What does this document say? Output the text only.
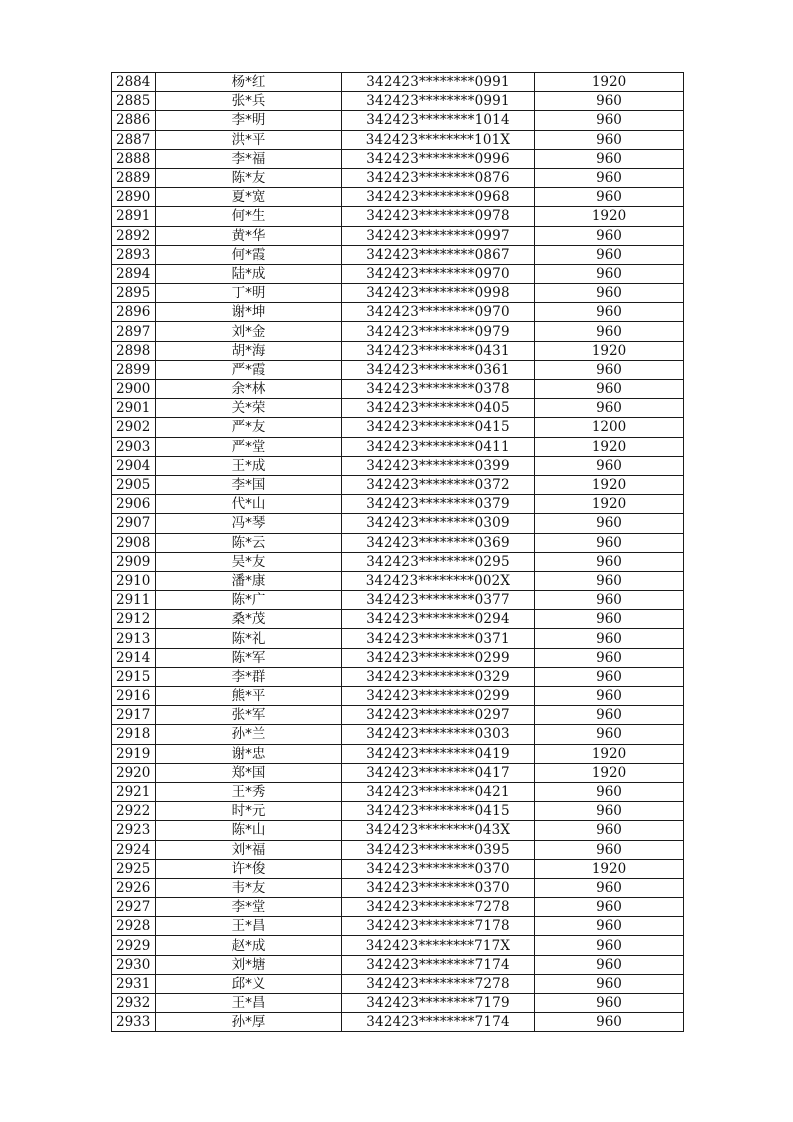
2884	杨*红	342423********0991	1920
2885	张*兵	342423********0991	960
2886	李*明	342423********1014	960
2887	洪*平	342423********101X	960
2888	李*福	342423********0996	960
2889	陈*友	342423********0876	960
2890	夏*宽	342423********0968	960
2891	何*生	342423********0978	1920
2892	黄*华	342423********0997	960
2893	何*霞	342423********0867	960
2894	陆*成	342423********0970	960
2895	丁*明	342423********0998	960
2896	谢*坤	342423********0970	960
2897	刘*金	342423********0979	960
2898	胡*海	342423********0431	1920
2899	严*霞	342423********0361	960
2900	余*林	342423********0378	960
2901	关*荣	342423********0405	960
2902	严*友	342423********0415	1200
2903	严*堂	342423********0411	1920
2904	王*成	342423********0399	960
2905	李*国	342423********0372	1920
2906	代*山	342423********0379	1920
2907	冯*琴	342423********0309	960
2908	陈*云	342423********0369	960
2909	吴*友	342423********0295	960
2910	潘*康	342423********002X	960
2911	陈*广	342423********0377	960
2912	桑*茂	342423********0294	960
2913	陈*礼	342423********0371	960
2914	陈*军	342423********0299	960
2915	李*群	342423********0329	960
2916	熊*平	342423********0299	960
2917	张*军	342423********0297	960
2918	孙*兰	342423********0303	960
2919	谢*忠	342423********0419	1920
2920	郑*国	342423********0417	1920
2921	王*秀	342423********0421	960
2922	时*元	342423********0415	960
2923	陈*山	342423********043X	960
2924	刘*福	342423********0395	960
2925	许*俊	342423********0370	1920
2926	韦*友	342423********0370	960
2927	李*堂	342423********7278	960
2928	王*昌	342423********7178	960
2929	赵*成	342423********717X	960
2930	刘*塘	342423********7174	960
2931	邱*义	342423********7278	960
2932	王*昌	342423********7179	960
2933	孙*厚	342423********7174	960
